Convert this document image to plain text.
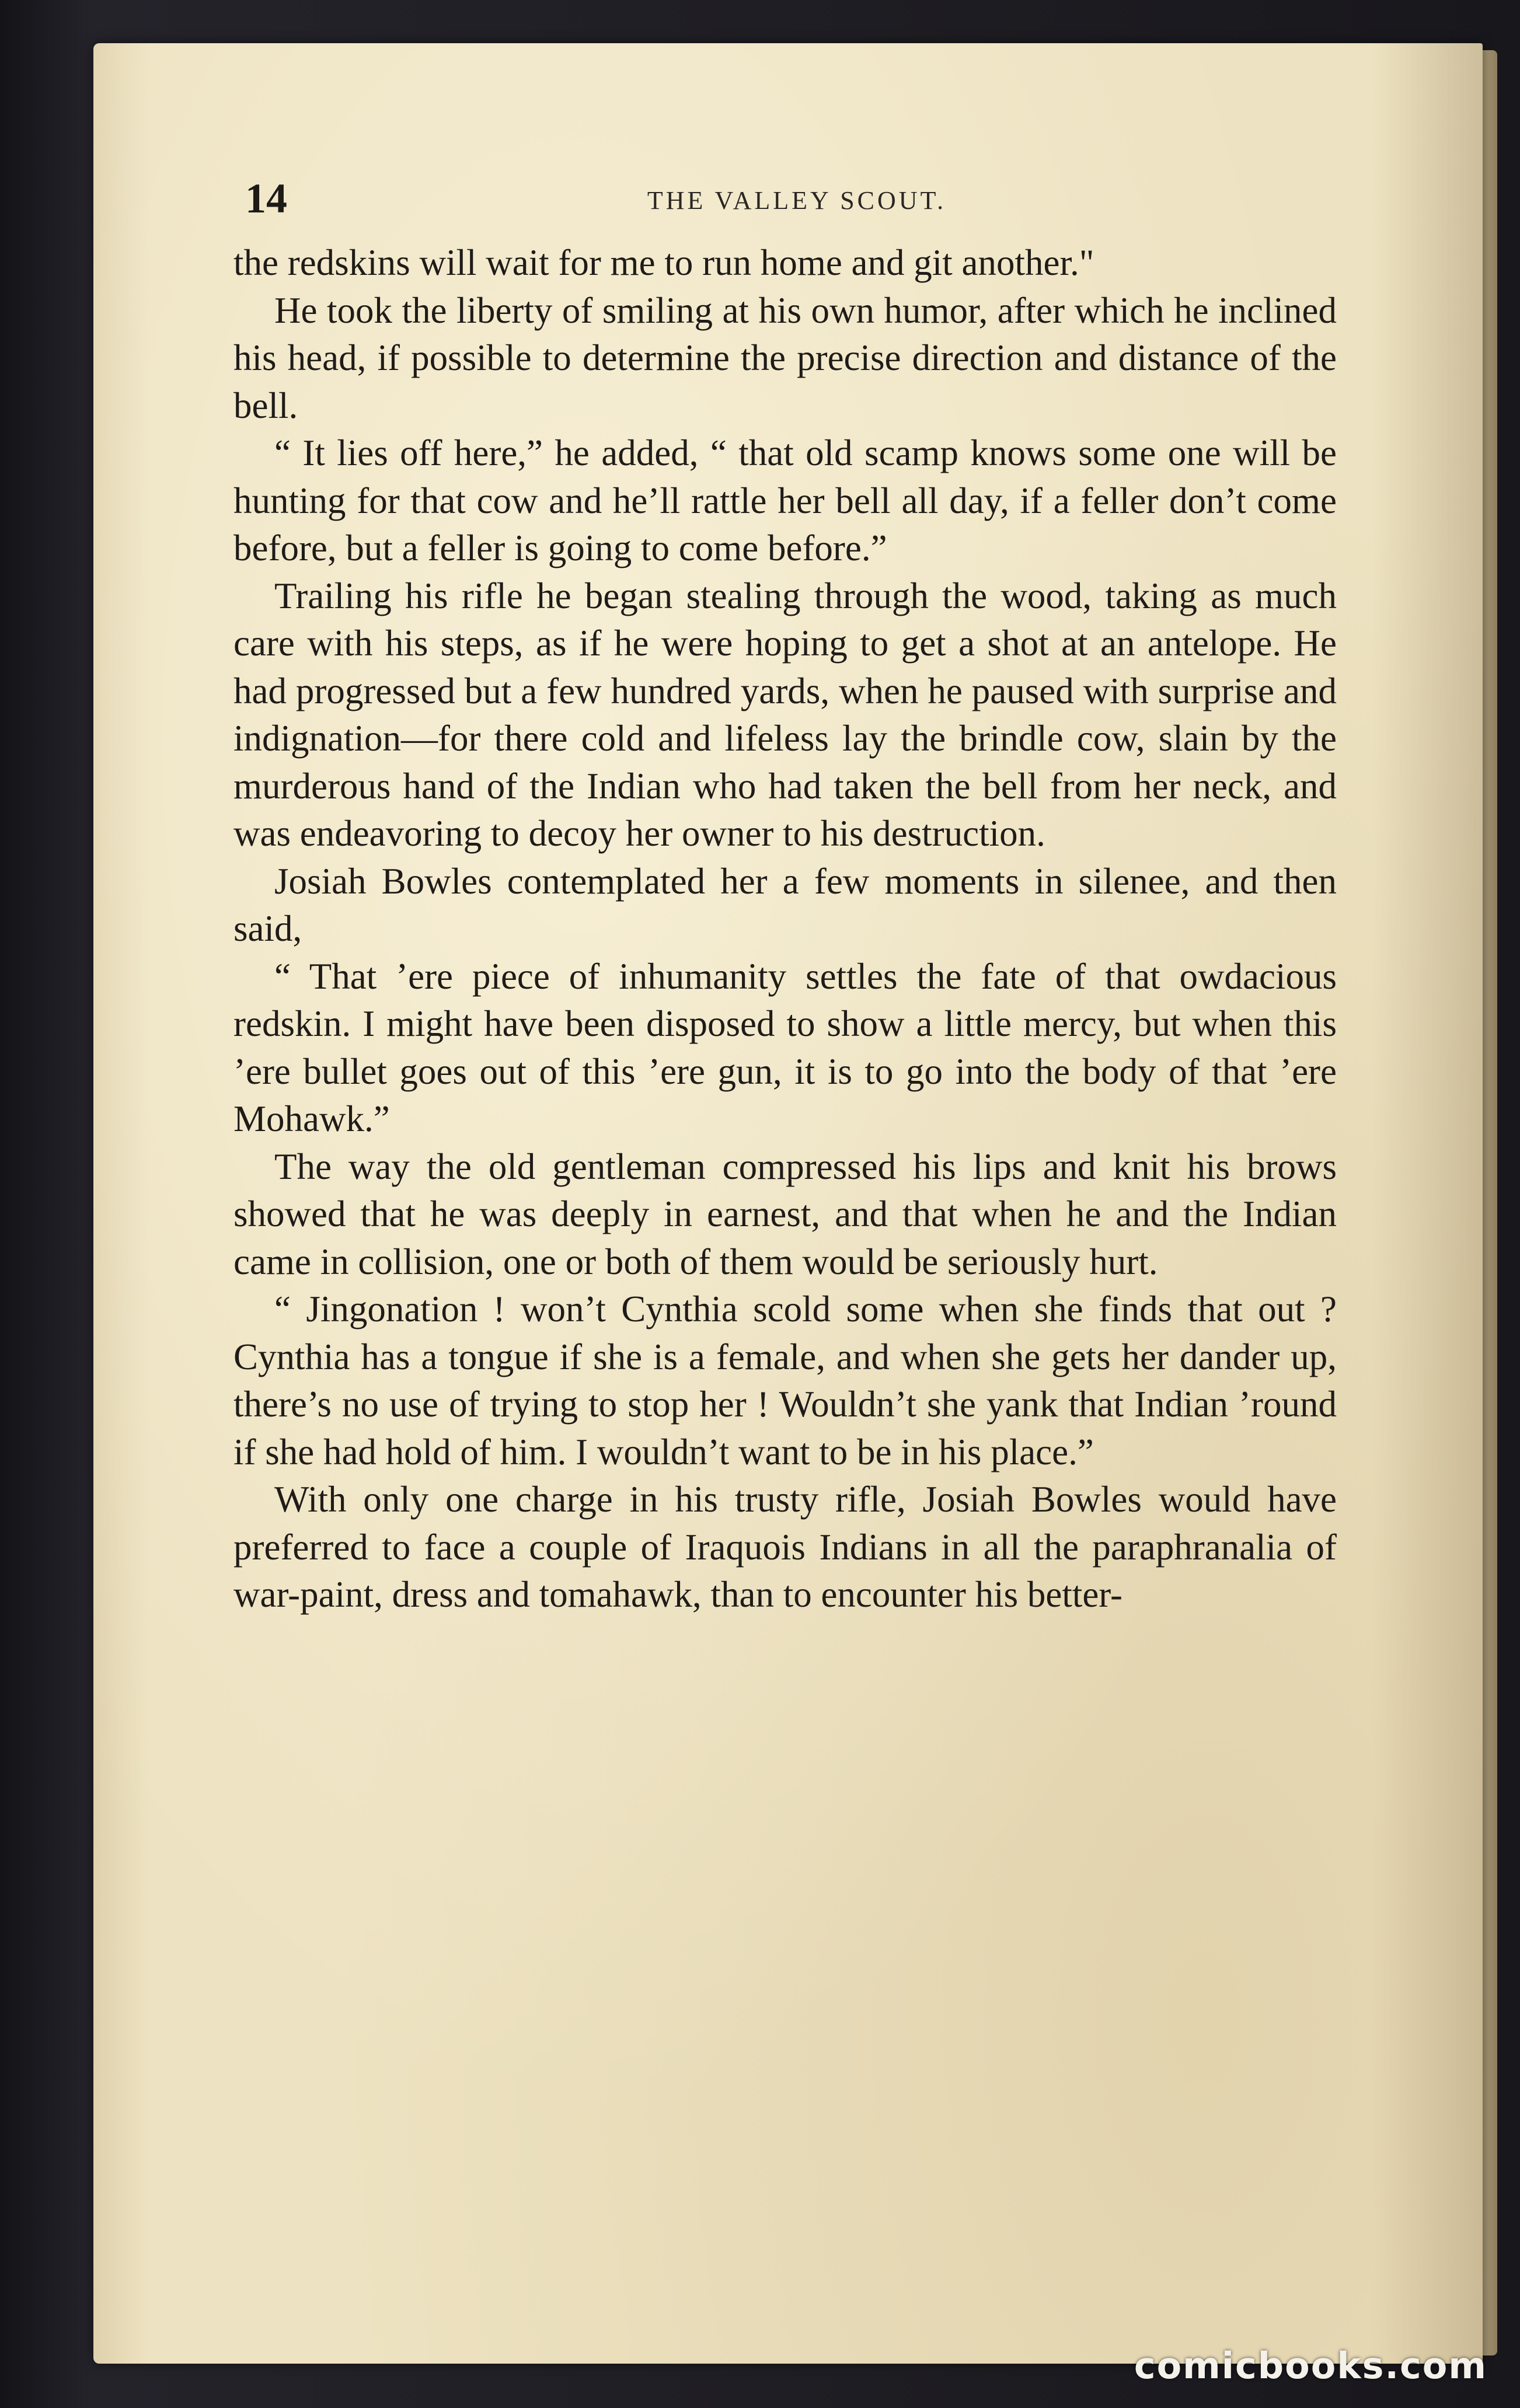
14	THE VALLEY SCOUT.

the redskins will wait for me to run home and git another."

He took the liberty of smiling at his own humor, after which he inclined his head, if possible to determine the precise direction and distance of the bell.

“ It lies off here,” he added, “ that old scamp knows some one will be hunting for that cow and he’ll rattle her bell all day, if a feller don’t come before, but a feller is going to come before.”

Trailing his rifle he began stealing through the wood, taking as much care with his steps, as if he were hoping to get a shot at an antelope. He had progressed but a few hundred yards, when he paused with surprise and indignation—for there cold and lifeless lay the brindle cow, slain by the murderous hand of the Indian who had taken the bell from her neck, and was endeavoring to decoy her owner to his destruction.

Josiah Bowles contemplated her a few moments in silenee, and then said,

“ That ’ere piece of inhumanity settles the fate of that owdacious redskin. I might have been disposed to show a little mercy, but when this ’ere bullet goes out of this ’ere gun, it is to go into the body of that ’ere Mohawk.”

The way the old gentleman compressed his lips and knit his brows showed that he was deeply in earnest, and that when he and the Indian came in collision, one or both of them would be seriously hurt.

“ Jingonation ! won’t Cynthia scold some when she finds that out ? Cynthia has a tongue if she is a female, and when she gets her dander up, there’s no use of trying to stop her ! Wouldn’t she yank that Indian ’round if she had hold of him. I wouldn’t want to be in his place.”

With only one charge in his trusty rifle, Josiah Bowles would have preferred to face a couple of Iraquois Indians in all the paraphranalia of war-paint, dress and tomahawk, than to encounter his better-

comicbooks.com
